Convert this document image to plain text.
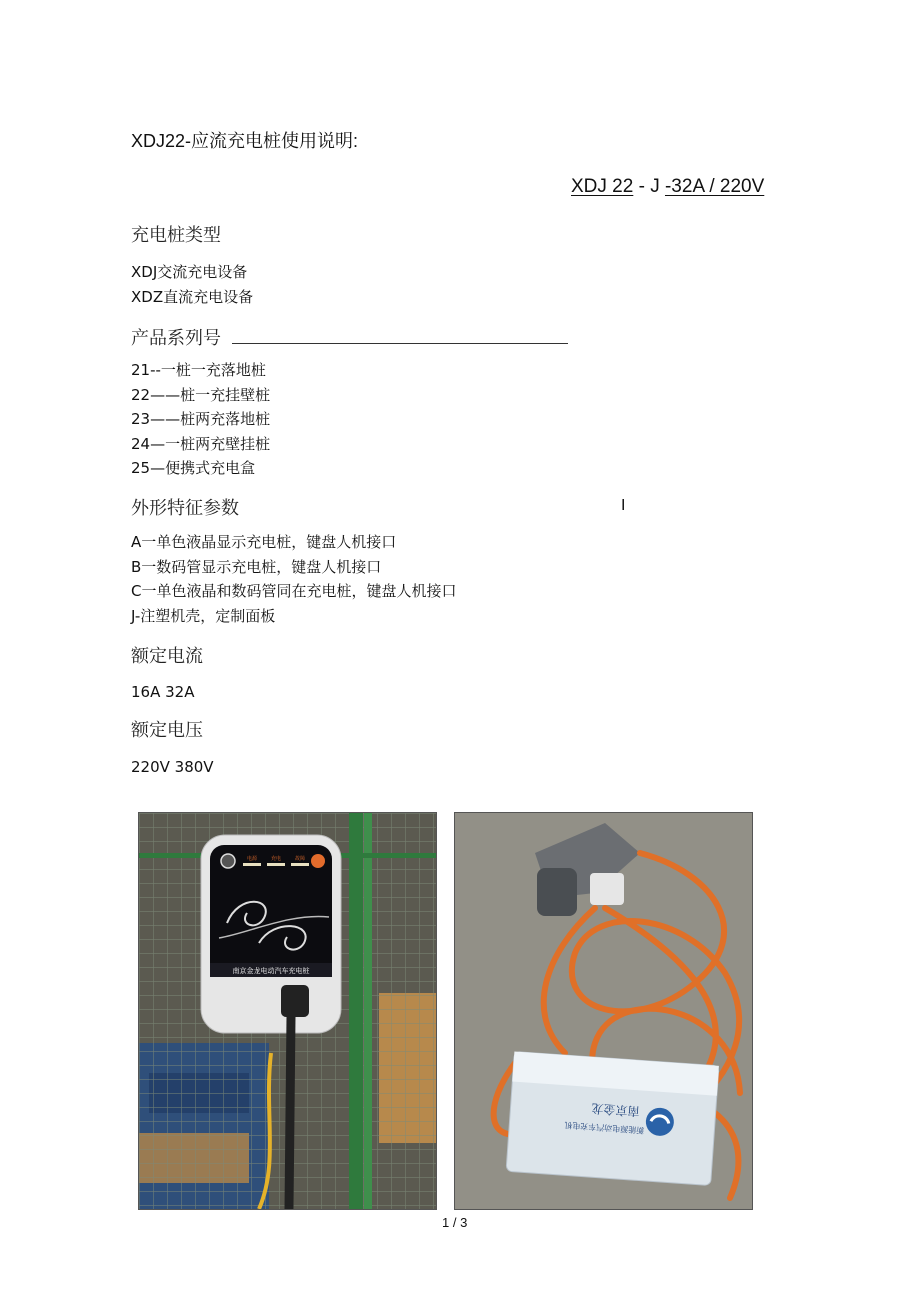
XDJ22-应流充电桩使用说明:
XDJ 22 - J -32A / 220V
充电桩类型
XDJ交流充电设备
XDZ直流充电设备
产品系列号
21--一桩一充落地桩
22——桩一充挂壁桩
23——桩两充落地桩
24—一桩两充壁挂桩
25—便携式充电盒
外形特征参数	I
A一单色液晶显示充电桩，键盘人机接口
B一数码管显示充电桩，键盘人机接口
C一单色液晶和数码管同在充电桩，键盘人机接口
J-注塑机壳，定制面板
额定电流
16A 32A
额定电压
220V 380V
南京金龙电动汽车充电桩
电源	充电	故障
南京金龙
新能源电动汽车充电机
1 / 3
